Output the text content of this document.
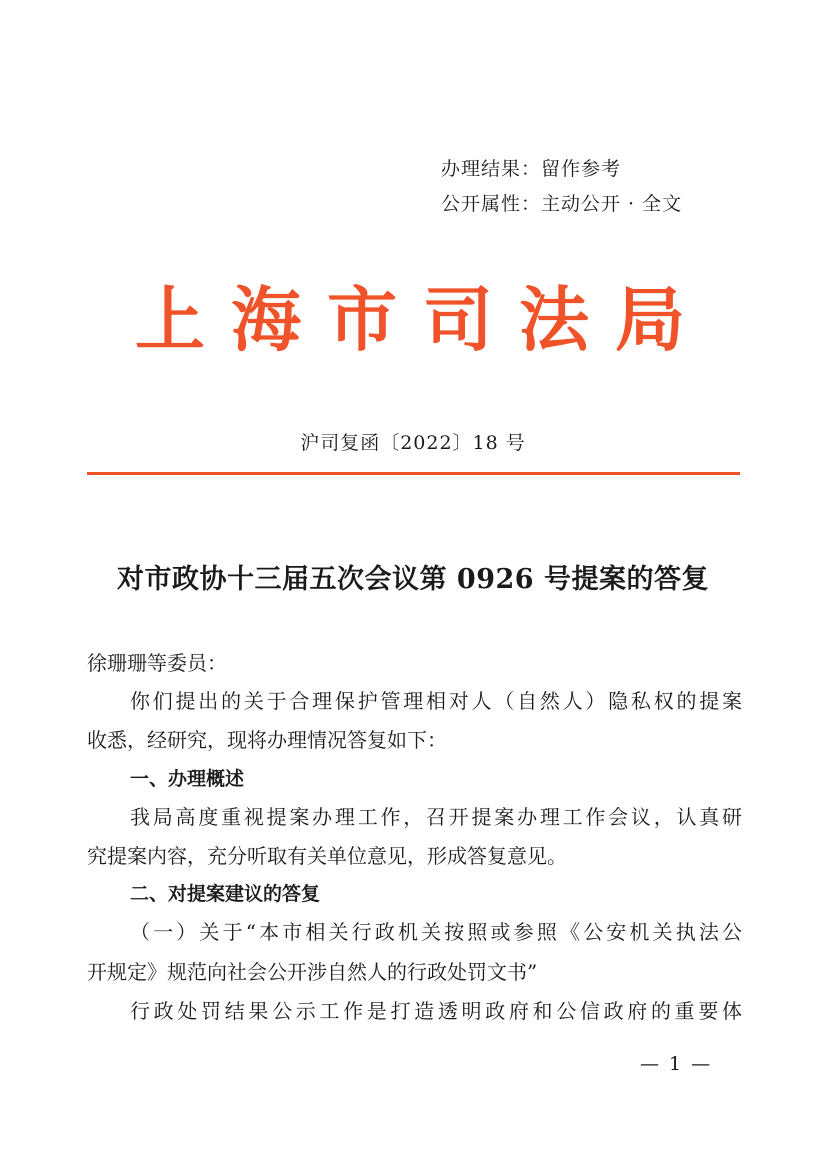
办理结果：留作参考
公开属性：主动公开 · 全文
上海市司法局
沪司复函〔2022〕18 号
对市政协十三届五次会议第 0926 号提案的答复
徐珊珊等委员：
你们提出的关于合理保护管理相对人（自然人）隐私权的提案
收悉，经研究，现将办理情况答复如下：
一、办理概述
我局高度重视提案办理工作，召开提案办理工作会议，认真研
究提案内容，充分听取有关单位意见，形成答复意见。
二、对提案建议的答复
（一）关于“本市相关行政机关按照或参照《公安机关执法公
开规定》规范向社会公开涉自然人的行政处罚文书”
行政处罚结果公示工作是打造透明政府和公信政府的重要体
— 1 —
